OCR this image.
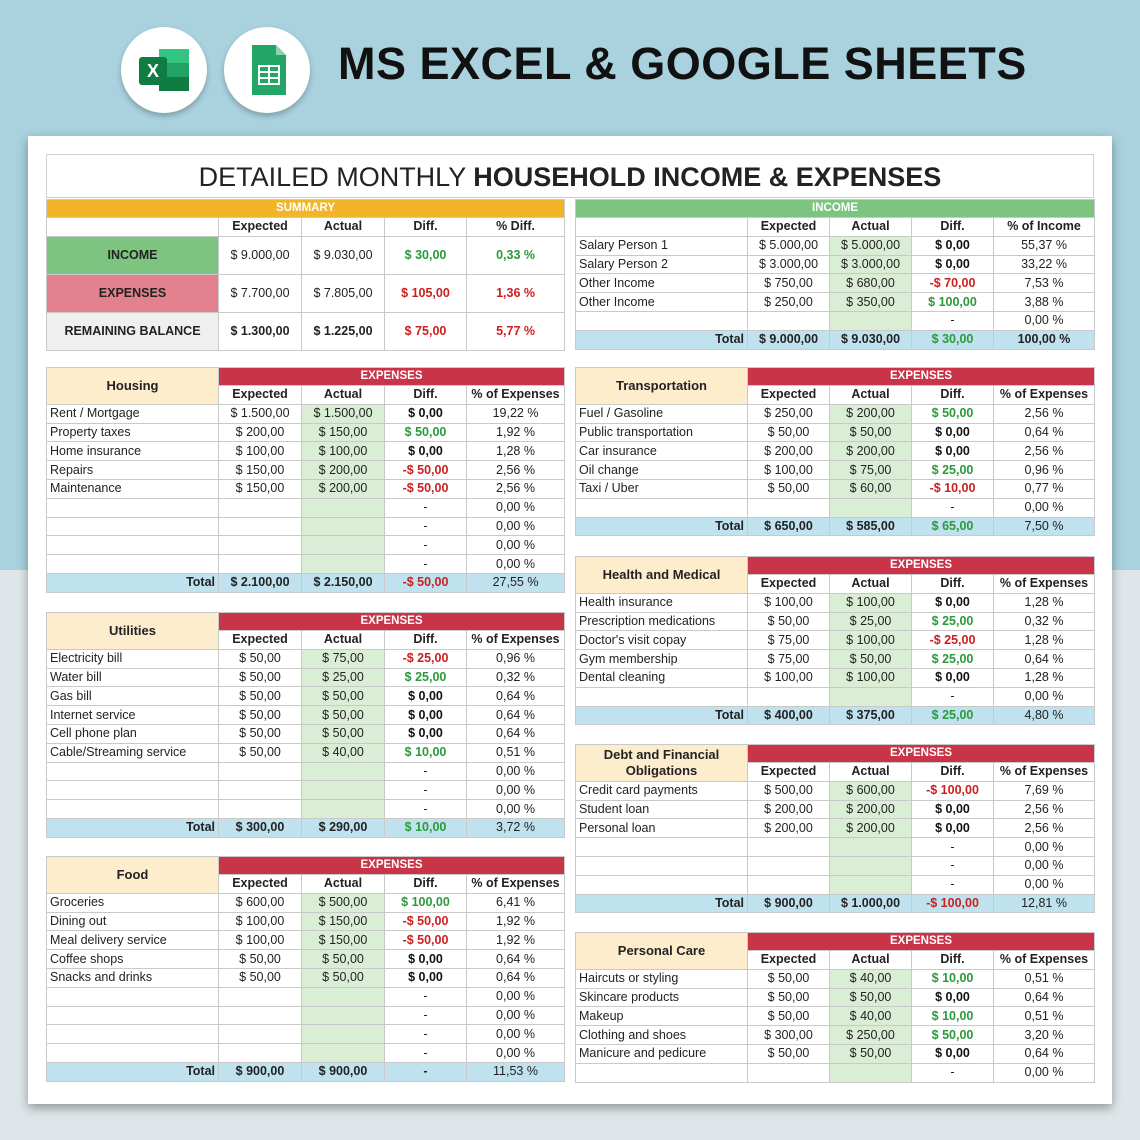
X	MS EXCEL & GOOGLE SHEETS
DETAILED MONTHLY HOUSEHOLD INCOME & EXPENSES
SUMMARY				
	Expected	Actual	Diff.	% Diff.
INCOME	$ 9.000,00	$ 9.030,00	$ 30,00	0,33 %
EXPENSES	$ 7.700,00	$ 7.805,00	$ 105,00	1,36 %
REMAINING BALANCE	$ 1.300,00	$ 1.225,00	$ 75,00	5,77 %
INCOME				
	Expected	Actual	Diff.	% of Income
Salary Person 1	$ 5.000,00	$ 5.000,00	$ 0,00	55,37 %
Salary Person 2	$ 3.000,00	$ 3.000,00	$ 0,00	33,22 %
Other Income	$ 750,00	$ 680,00	-$ 70,00	7,53 %
Other Income	$ 250,00	$ 350,00	$ 100,00	3,88 %
			-	0,00 %
Total	$ 9.000,00	$ 9.030,00	$ 30,00	100,00 %
Housing	EXPENSES			
	Expected	Actual	Diff.	% of Expenses
Rent / Mortgage	$ 1.500,00	$ 1.500,00	$ 0,00	19,22 %
Property taxes	$ 200,00	$ 150,00	$ 50,00	1,92 %
Home insurance	$ 100,00	$ 100,00	$ 0,00	1,28 %
Repairs	$ 150,00	$ 200,00	-$ 50,00	2,56 %
Maintenance	$ 150,00	$ 200,00	-$ 50,00	2,56 %
			-	0,00 %
			-	0,00 %
			-	0,00 %
			-	0,00 %
Total	$ 2.100,00	$ 2.150,00	-$ 50,00	27,55 %
Utilities	EXPENSES			
	Expected	Actual	Diff.	% of Expenses
Electricity bill	$ 50,00	$ 75,00	-$ 25,00	0,96 %
Water bill	$ 50,00	$ 25,00	$ 25,00	0,32 %
Gas bill	$ 50,00	$ 50,00	$ 0,00	0,64 %
Internet service	$ 50,00	$ 50,00	$ 0,00	0,64 %
Cell phone plan	$ 50,00	$ 50,00	$ 0,00	0,64 %
Cable/Streaming service	$ 50,00	$ 40,00	$ 10,00	0,51 %
			-	0,00 %
			-	0,00 %
			-	0,00 %
Total	$ 300,00	$ 290,00	$ 10,00	3,72 %
Food	EXPENSES			
	Expected	Actual	Diff.	% of Expenses
Groceries	$ 600,00	$ 500,00	$ 100,00	6,41 %
Dining out	$ 100,00	$ 150,00	-$ 50,00	1,92 %
Meal delivery service	$ 100,00	$ 150,00	-$ 50,00	1,92 %
Coffee shops	$ 50,00	$ 50,00	$ 0,00	0,64 %
Snacks and drinks	$ 50,00	$ 50,00	$ 0,00	0,64 %
			-	0,00 %
			-	0,00 %
			-	0,00 %
			-	0,00 %
Total	$ 900,00	$ 900,00	-	11,53 %
Transportation	EXPENSES			
	Expected	Actual	Diff.	% of Expenses
Fuel / Gasoline	$ 250,00	$ 200,00	$ 50,00	2,56 %
Public transportation	$ 50,00	$ 50,00	$ 0,00	0,64 %
Car insurance	$ 200,00	$ 200,00	$ 0,00	2,56 %
Oil change	$ 100,00	$ 75,00	$ 25,00	0,96 %
Taxi / Uber	$ 50,00	$ 60,00	-$ 10,00	0,77 %
			-	0,00 %
Total	$ 650,00	$ 585,00	$ 65,00	7,50 %
Health and Medical	EXPENSES			
	Expected	Actual	Diff.	% of Expenses
Health insurance	$ 100,00	$ 100,00	$ 0,00	1,28 %
Prescription medications	$ 50,00	$ 25,00	$ 25,00	0,32 %
Doctor's visit copay	$ 75,00	$ 100,00	-$ 25,00	1,28 %
Gym membership	$ 75,00	$ 50,00	$ 25,00	0,64 %
Dental cleaning	$ 100,00	$ 100,00	$ 0,00	1,28 %
			-	0,00 %
Total	$ 400,00	$ 375,00	$ 25,00	4,80 %
Debt and Financial Obligations	EXPENSES			
	Expected	Actual	Diff.	% of Expenses
Credit card payments	$ 500,00	$ 600,00	-$ 100,00	7,69 %
Student loan	$ 200,00	$ 200,00	$ 0,00	2,56 %
Personal loan	$ 200,00	$ 200,00	$ 0,00	2,56 %
			-	0,00 %
			-	0,00 %
			-	0,00 %
Total	$ 900,00	$ 1.000,00	-$ 100,00	12,81 %
Personal Care	EXPENSES			
	Expected	Actual	Diff.	% of Expenses
Haircuts or styling	$ 50,00	$ 40,00	$ 10,00	0,51 %
Skincare products	$ 50,00	$ 50,00	$ 0,00	0,64 %
Makeup	$ 50,00	$ 40,00	$ 10,00	0,51 %
Clothing and shoes	$ 300,00	$ 250,00	$ 50,00	3,20 %
Manicure and pedicure	$ 50,00	$ 50,00	$ 0,00	0,64 %
			-	0,00 %
